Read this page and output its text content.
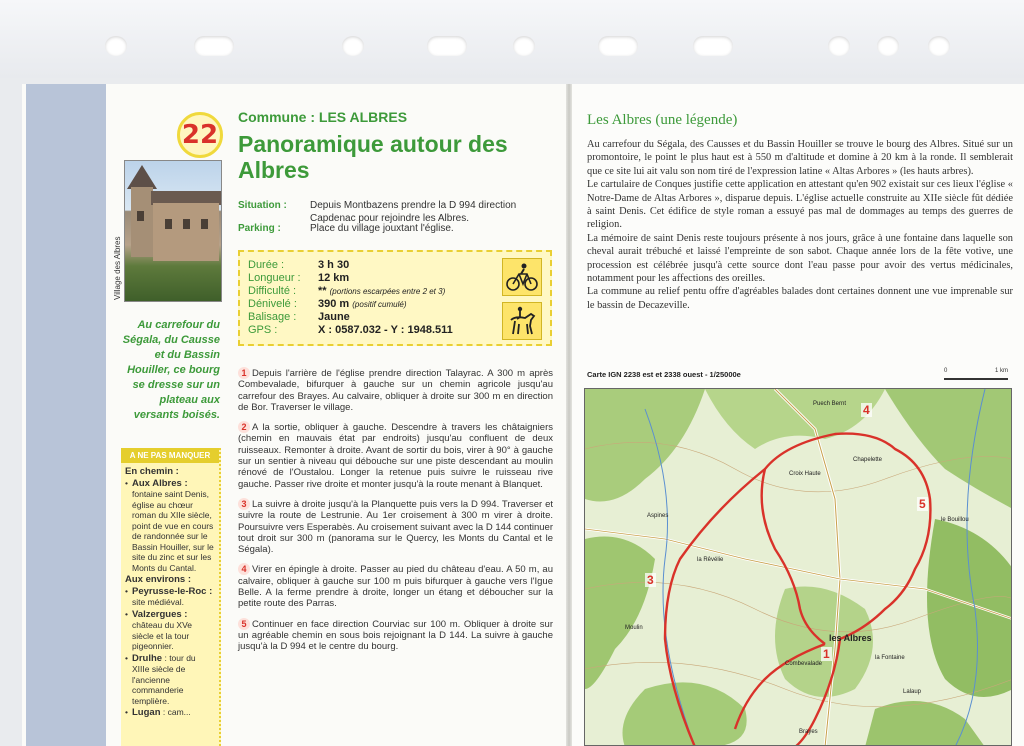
22
Village des Albres
Commune : LES ALBRES
Panoramique autour des Albres
Situation : Depuis Montbazens prendre la D 994 direction Capdenac pour rejoindre les Albres.
Parking :	Place du village jouxtant l'église.
Durée :	3 h 30
Longueur :	12 km
Difficulté :	** (portions escarpées entre 2 et 3)
Dénivelé :	390 m (positif cumulé)
Balisage :	Jaune
GPS :	X : 0587.032 - Y : 1948.511
Au carrefour du Ségala, du Causse et du Bassin Houiller, ce bourg se dresse sur un plateau aux versants boisés.
A NE PAS MANQUER
En chemin :
• Aux Albres : fontaine saint Denis, église au chœur roman du XIIe siècle, point de vue en cours de randonnée sur le Bassin Houiller, sur le site du zinc et sur les Monts du Cantal.
Aux environs :
• Peyrusse-le-Roc : site médiéval.
• Valzergues : château du XVe siècle et la tour pigeonnier.
• Drulhe : tour du XIIIe siècle de l'ancienne commanderie templière.
• Lugan : cam...
1 Depuis l'arrière de l'église prendre direction Talayrac. A 300 m après Combevalade, bifurquer à gauche sur un chemin agricole jusqu'au carrefour des Brayes. Au calvaire, obliquer à droite sur 300 m en direction de Bor. Traverser le village.
2 A la sortie, obliquer à gauche. Descendre à travers les châtaigniers (chemin en mauvais état par endroits) jusqu'au confluent de deux ruisseaux. Remonter à droite. Avant de sortir du bois, virer à 90° à gauche sur un sentier à niveau qui débouche sur une piste descendant au moulin rénové de l'Oustalou. Longer la retenue puis suivre le ruisseau rive gauche. Passer rive droite et monter jusqu'à la route menant à Blanquet.
3 La suivre à droite jusqu'à la Planquette puis vers la D 994. Traverser et suivre la route de Lestrunie. Au 1er croisement à 300 m virer à droite. Poursuivre vers Esperabès. Au croisement suivant avec la D 144 continuer tout droit sur 300 m (panorama sur le Quercy, les Monts du Cantal et le Ségala).
4 Virer en épingle à droite. Passer au pied du château d'eau. A 50 m, au calvaire, obliquer à gauche sur 100 m puis bifurquer à gauche vers l'Igue Belle. A la ferme prendre à droite, longer un étang et déboucher sur la petite route des Parras.
5 Continuer en face direction Courviac sur 100 m. Obliquer à droite sur un agréable chemin en sous bois rejoignant la D 144. La suivre à gauche jusqu'à la D 994 et le centre du bourg.
Les Albres (une légende)

Au carrefour du Ségala, des Causses et du Bassin Houiller se trouve le bourg des Albres. Situé sur un promontoire, le point le plus haut est à 550 m d'altitude et domine à 20 km à la ronde. Il semblerait que ce site lui ait valu son nom tiré de l'expression latine « Altas Arbores » (les hauts arbres).

Le cartulaire de Conques justifie cette application en attestant qu'en 902 existait sur ces lieux l'église « Notre-Dame de Altas Arbores », disparue depuis. L'église actuelle construite au XIIe siècle fût dédiée à saint Denis. Cet édifice de style roman a essuyé pas mal de dommages au temps des guerres de religion.

La mémoire de saint Denis reste toujours présente à nos jours, grâce à une fontaine dans laquelle son cheval aurait trébuché et laissé l'empreinte de son sabot. Chaque année lors de la fête votive, une procession est célébrée jusqu'à cette source dont l'eau passe pour avoir des vertus médicinales, notamment pour les affections des oreilles.

La commune au relief pentu offre d'agréables balades dont certaines donnent une vue imprenable sur le bassin de Decazeville.

Carte IGN 2238 est et 2338 ouest - 1/25000e	0	1 km
les Albres
Aspines
Chapelette
le Bouillou
la Rêvélie
Croix Haute
Brayes
Combevalade
Puech Bernt
Moulin
la Fontaine
Lalaup
1
3
4
5
